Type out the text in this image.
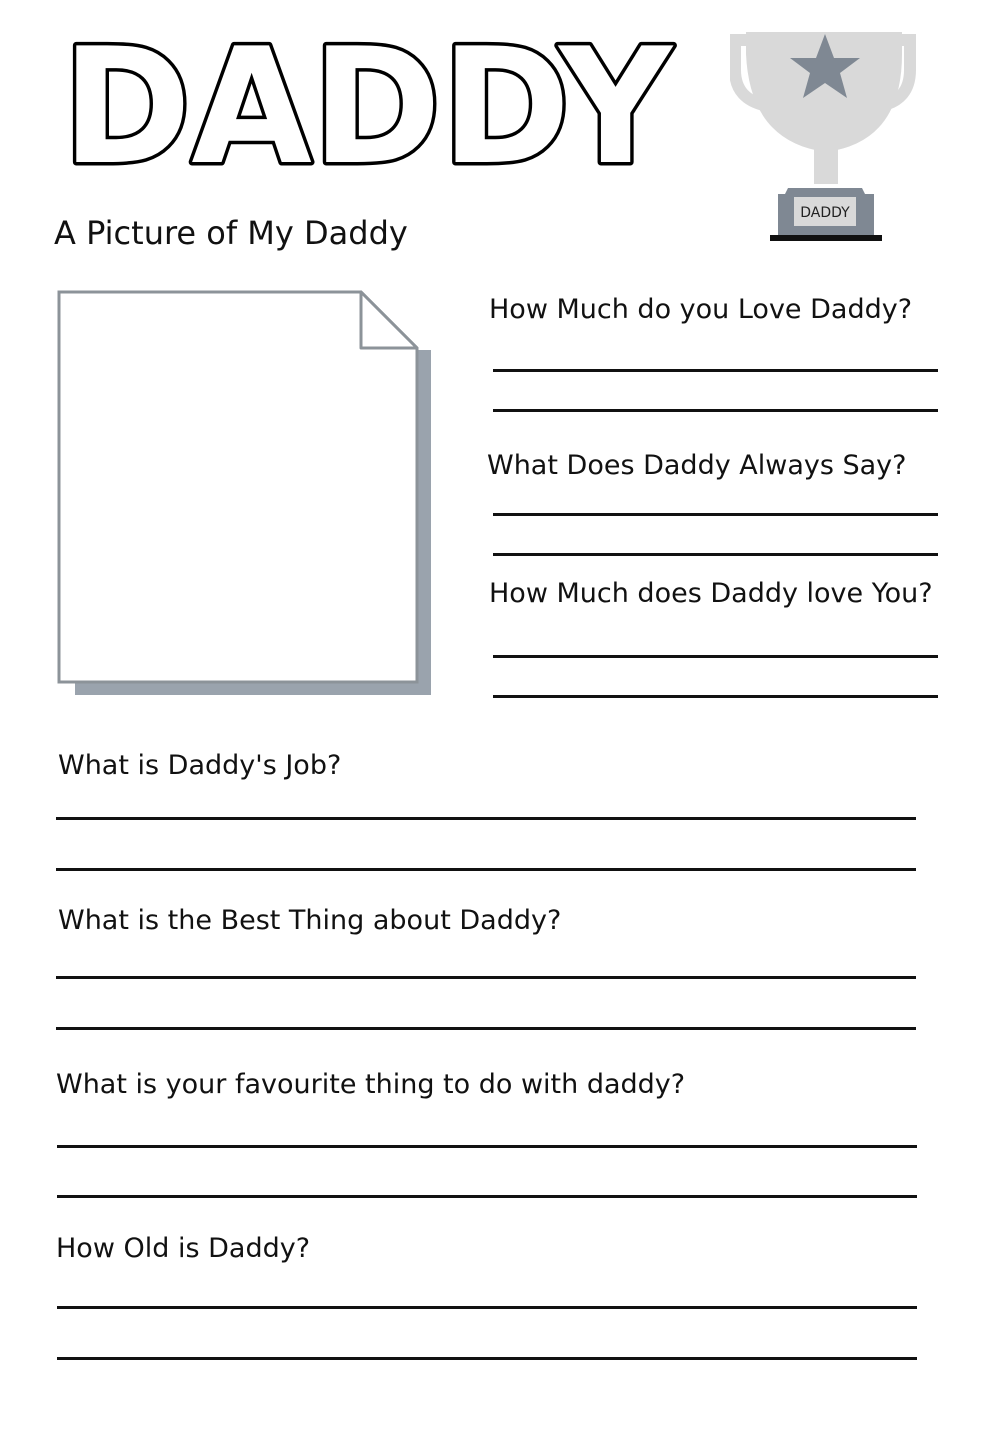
DADDY
DADDY
A Picture of My Daddy
How Much do you Love Daddy?
What Does Daddy Always Say?
How Much does Daddy love You?
What is Daddy's Job?
What is the Best Thing about Daddy?
What is your favourite thing to do with daddy?
How Old is Daddy?
